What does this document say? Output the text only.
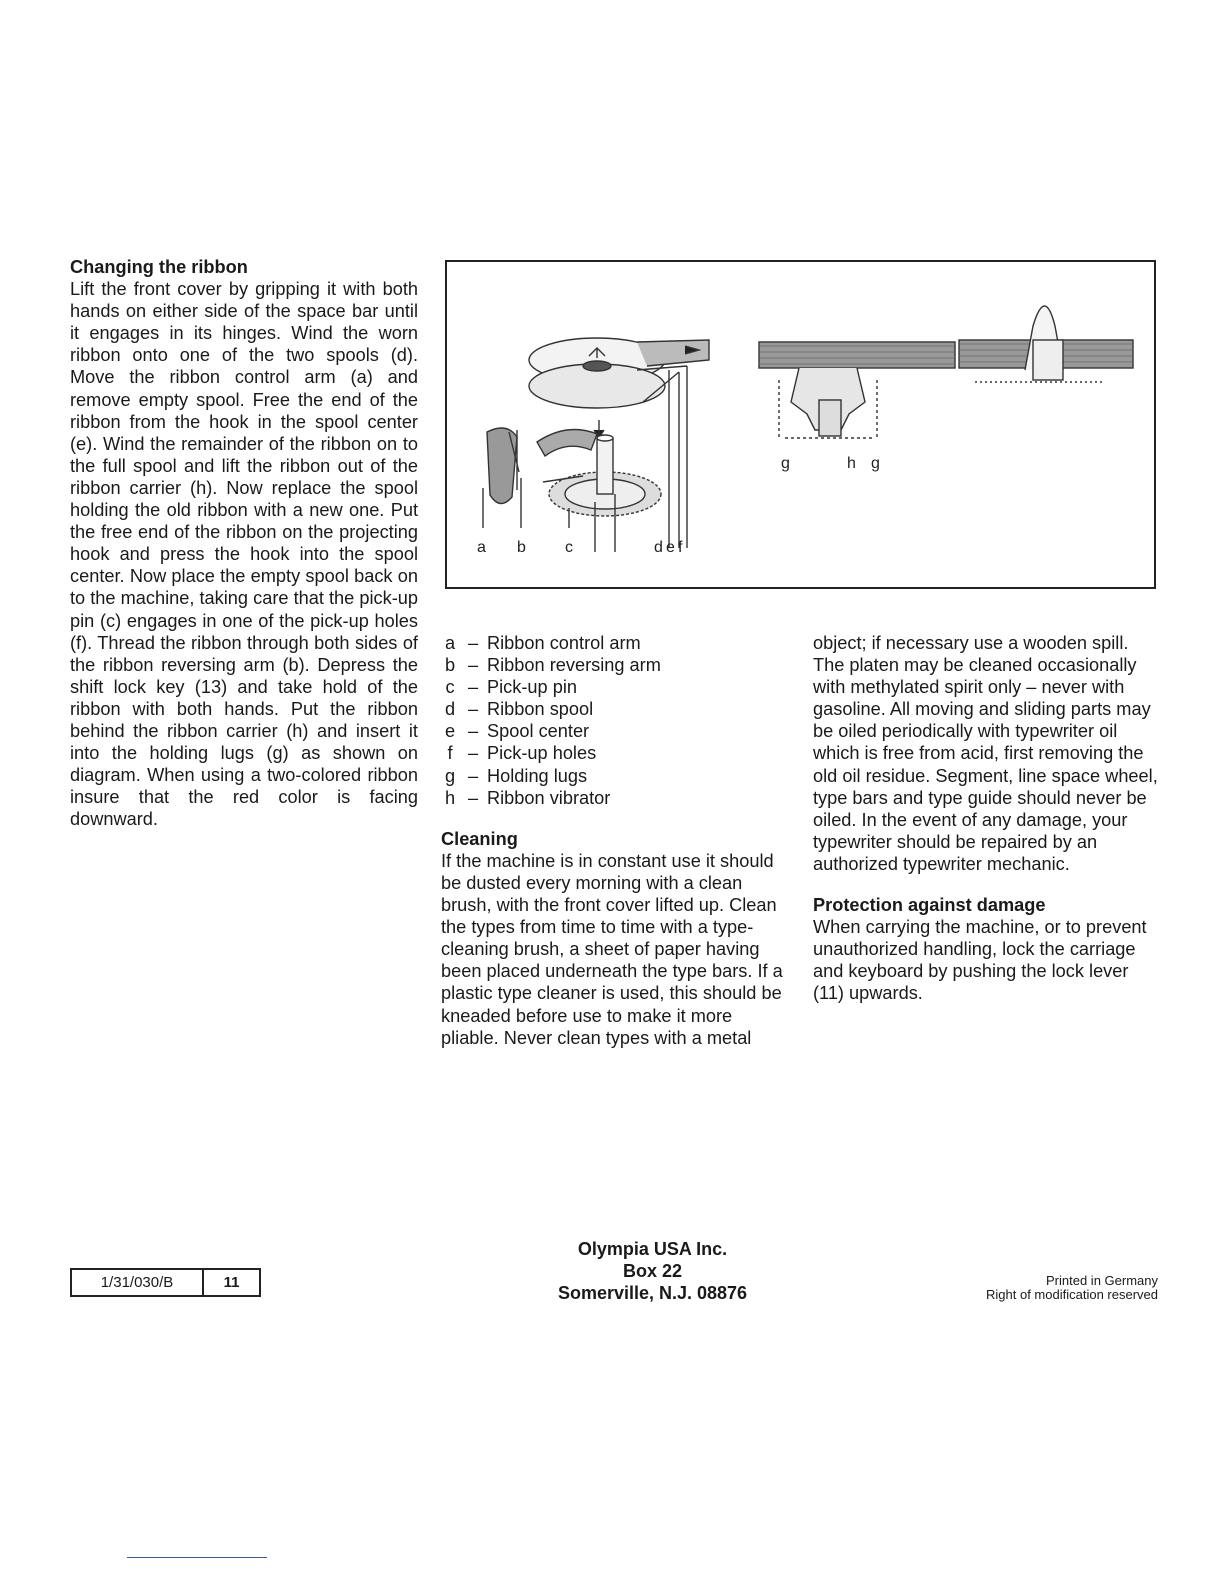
Changing the ribbon

Lift the front cover by gripping it with both hands on either side of the space bar until it engages in its hinges. Wind the worn ribbon onto one of the two spools (d). Move the ribbon control arm (a) and remove empty spool. Free the end of the ribbon from the hook in the spool center (e). Wind the remainder of the ribbon on to the full spool and lift the ribbon out of the ribbon carrier (h). Now replace the spool holding the old ribbon with a new one. Put the free end of the ribbon on the projecting hook and press the hook into the spool center. Now place the empty spool back on to the machine, taking care that the pick-up pin (c) engages in one of the pick-up holes (f). Thread the ribbon through both sides of the ribbon reversing arm (b). Depress the shift lock key (13) and take hold of the ribbon with both hands. Put the ribbon behind the ribbon carrier (h) and insert it into the holding lugs (g) as shown on diagram. When using a two-colored ribbon insure that the red color is facing downward.

a b c	d e f
g	h g
a – Ribbon control arm
b – Ribbon reversing arm
c – Pick-up pin
d – Ribbon spool
e – Spool center
f – Pick-up holes
g – Holding lugs
h – Ribbon vibrator
Cleaning

If the machine is in constant use it should be dusted every morning with a clean brush, with the front cover lifted up. Clean the types from time to time with a type-cleaning brush, a sheet of paper having been placed underneath the type bars. If a plastic type cleaner is used, this should be kneaded before use to make it more pliable. Never clean types with a metal

object; if necessary use a wooden spill. The platen may be cleaned occasionally with methylated spirit only – never with gasoline. All moving and sliding parts may be oiled periodically with typewriter oil which is free from acid, first removing the old oil residue. Segment, line space wheel, type bars and type guide should never be oiled. In the event of any damage, your typewriter should be repaired by an authorized typewriter mechanic.

Protection against damage

When carrying the machine, or to prevent unauthorized handling, lock the carriage and keyboard by pushing the lock lever (11) upwards.

1/31/030/B	11
Olympia USA Inc.
Box 22
Somerville, N.J. 08876
Printed in Germany
Right of modification reserved
